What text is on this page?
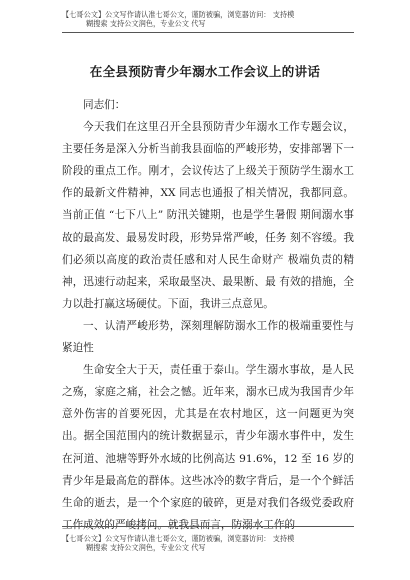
【七哥公文】公文写作请认准七哥公文，谨防被骗，浏览器访问： 支持模
糊搜索 支持公文润色，专业公文 代写
在全县预防青少年溺水工作会议上的讲话

同志们：

今天我们在这里召开全县预防青少年溺水工作专题会议，主要任务是深入分析当前我县面临的严峻形势，安排部署下一阶段的重点工作。刚才，会议传达了上级关于预防学生溺水工作的最新文件精神，XX 同志也通报了相关情况，我都同意。 当前正值 “七下八上” 防汛关键期，也是学生暑假 期间溺水事故的最高发、最易发时段，形势异常严峻，任务 刻不容缓。我们必须以高度的政治责任感和对人民生命财产 极端负责的精神，迅速行动起来，采取最坚决、最果断、最 有效的措施，全力以赴打赢这场硬仗。下面，我讲三点意见。

一、认清严峻形势，深刻理解防溺水工作的极端重要性与紧迫性

生命安全大于天，责任重于泰山。学生溺水事故，是人民之殇，家庭之痛，社会之憾。近年来，溺水已成为我国青少年意外伤害的首要死因，尤其是在农村地区，这一问题更为突出。据全国范围内的统计数据显示，青少年溺水事件中，发生在河道、池塘等野外水域的比例高达 91.6%，12 至 16 岁的青少年是最高危的群体。这些冰冷的数字背后，是一个个鲜活生命的逝去，是一个个家庭的破碎，更是对我们各级党委政府工作成效的严峻拷问。就我县而言，防溺水工作的

【七哥公文】公文写作请认准七哥公文，谨防被骗，浏览器访问： 支持模
糊搜索 支持公文润色，专业公文 代写
